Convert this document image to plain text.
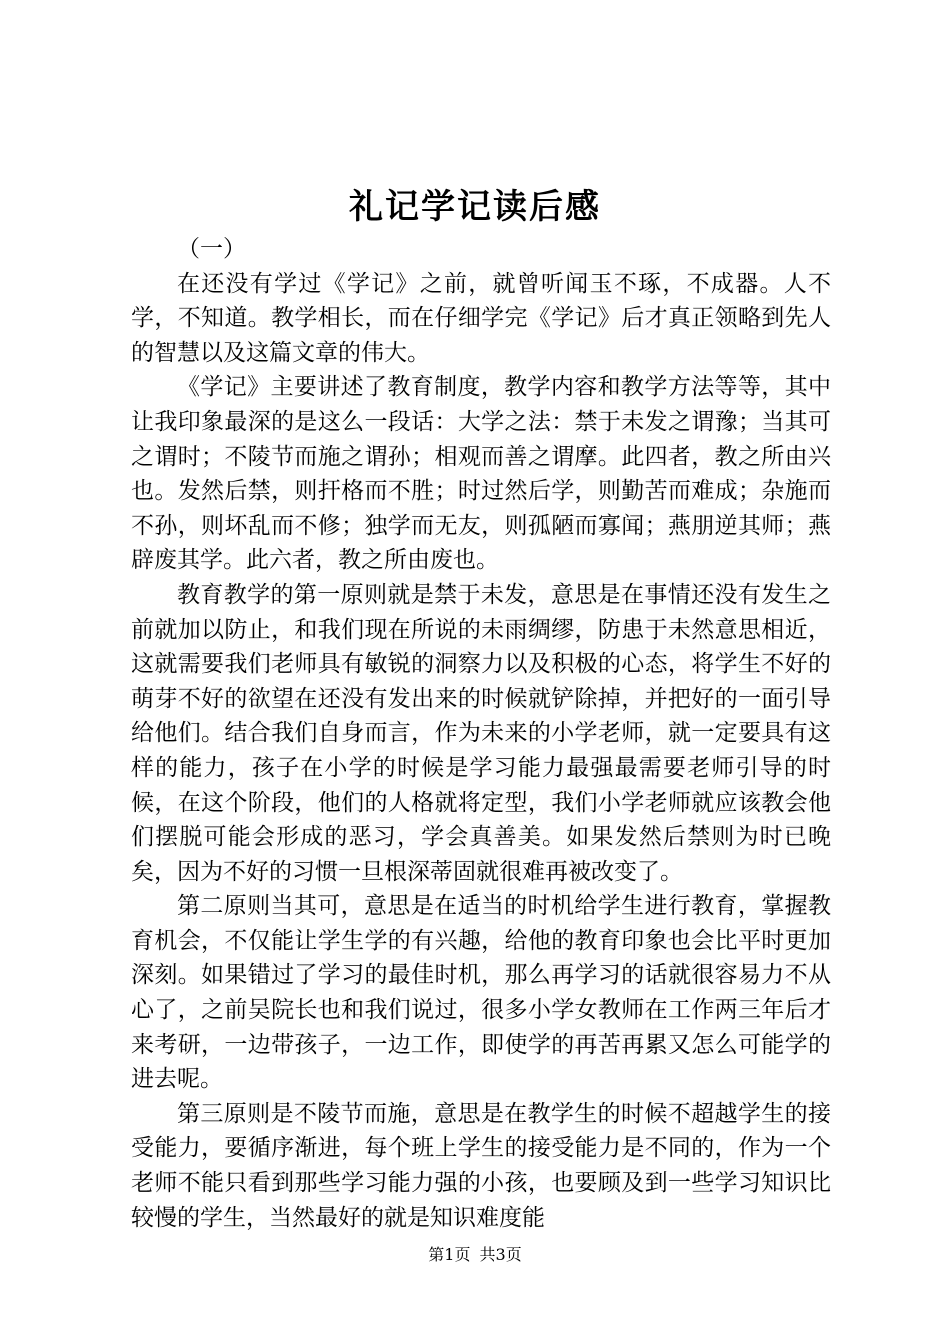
礼记学记读后感

（一）

在还没有学过《学记》之前，就曾听闻玉不琢，不成器。人不学，不知道。教学相长，而在仔细学完《学记》后才真正领略到先人的智慧以及这篇文章的伟大。

《学记》主要讲述了教育制度，教学内容和教学方法等等，其中让我印象最深的是这么一段话：大学之法：禁于未发之谓豫；当其可之谓时；不陵节而施之谓孙；相观而善之谓摩。此四者，教之所由兴也。发然后禁，则扞格而不胜；时过然后学，则勤苦而难成；杂施而不孙，则坏乱而不修；独学而无友，则孤陋而寡闻；燕朋逆其师；燕辟废其学。此六者，教之所由废也。

教育教学的第一原则就是禁于未发，意思是在事情还没有发生之前就加以防止，和我们现在所说的未雨绸缪，防患于未然意思相近，这就需要我们老师具有敏锐的洞察力以及积极的心态，将学生不好的萌芽不好的欲望在还没有发出来的时候就铲除掉，并把好的一面引导给他们。结合我们自身而言，作为未来的小学老师，就一定要具有这样的能力，孩子在小学的时候是学习能力最强最需要老师引导的时候，在这个阶段，他们的人格就将定型，我们小学老师就应该教会他们摆脱可能会形成的恶习，学会真善美。如果发然后禁则为时已晚矣，因为不好的习惯一旦根深蒂固就很难再被改变了。

第二原则当其可，意思是在适当的时机给学生进行教育，掌握教育机会，不仅能让学生学的有兴趣，给他的教育印象也会比平时更加深刻。如果错过了学习的最佳时机，那么再学习的话就很容易力不从心了，之前吴院长也和我们说过，很多小学女教师在工作两三年后才来考研，一边带孩子，一边工作，即使学的再苦再累又怎么可能学的进去呢。

第三原则是不陵节而施，意思是在教学生的时候不超越学生的接受能力，要循序渐进，每个班上学生的接受能力是不同的，作为一个老师不能只看到那些学习能力强的小孩，也要顾及到一些学习知识比较慢的学生，当然最好的就是知识难度能

第1页 共3页
